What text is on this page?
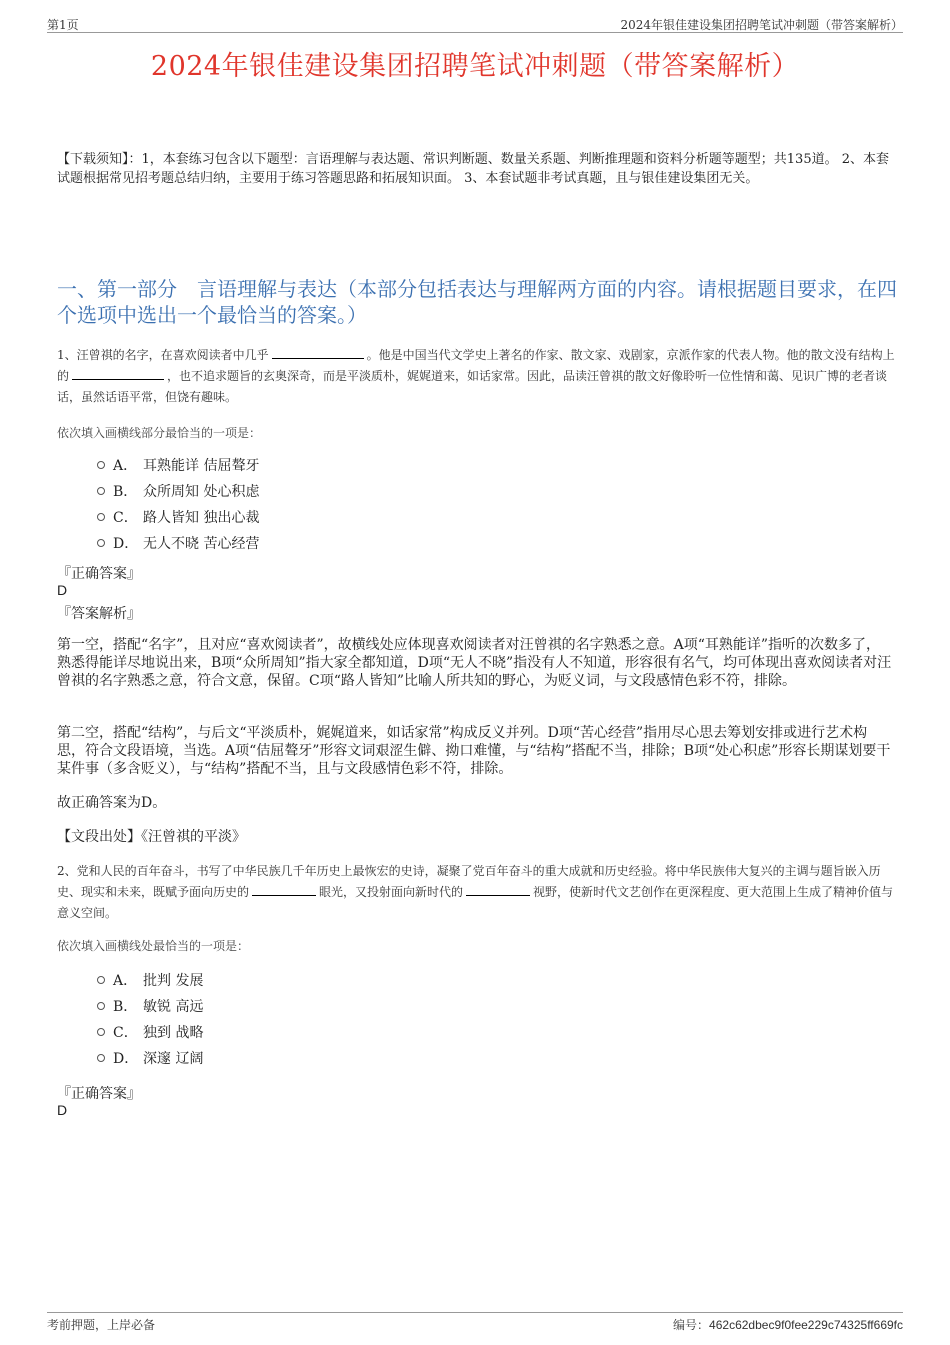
第1页	2024年银佳建设集团招聘笔试冲刺题（带答案解析）
2024年银佳建设集团招聘笔试冲刺题（带答案解析）
【下载须知】：1，本套练习包含以下题型：言语理解与表达题、常识判断题、数量关系题、判断推理题和资料分析题等题型；共135道。 2、本套试题根据常见招考题总结归纳，主要用于练习答题思路和拓展知识面。 3、本套试题非考试真题，且与银佳建设集团无关。
一、第一部分　言语理解与表达（本部分包括表达与理解两方面的内容。请根据题目要求，在四个选项中选出一个最恰当的答案。）
1、汪曾祺的名字，在喜欢阅读者中几乎	。他是中国当代文学史上著名的作家、散文家、戏剧家，京派作家的代表人物。他的散文没有结构上的	，也不追求题旨的玄奥深奇，而是平淡质朴，娓娓道来，如话家常。因此，品读汪曾祺的散文好像聆听一位性情和蔼、见识广博的老者谈话，虽然话语平常，但饶有趣味。
依次填入画横线部分最恰当的一项是：
A． 耳熟能详 佶屈聱牙
B． 众所周知 处心积虑
C． 路人皆知 独出心裁
D． 无人不晓 苦心经营
『正确答案』
D
『答案解析』
第一空，搭配“名字”，且对应“喜欢阅读者”，故横线处应体现喜欢阅读者对汪曾祺的名字熟悉之意。A项“耳熟能详”指听的次数多了，熟悉得能详尽地说出来，B项“众所周知”指大家全都知道，D项“无人不晓”指没有人不知道，形容很有名气，均可体现出喜欢阅读者对汪曾祺的名字熟悉之意，符合文意，保留。C项“路人皆知”比喻人所共知的野心，为贬义词，与文段感情色彩不符，排除。
第二空，搭配“结构”，与后文“平淡质朴，娓娓道来，如话家常”构成反义并列。D项“苦心经营”指用尽心思去筹划安排或进行艺术构思，符合文段语境，当选。A项“佶屈聱牙”形容文词艰涩生僻、拗口难懂，与“结构”搭配不当，排除；B项“处心积虑”形容长期谋划要干某件事（多含贬义），与“结构”搭配不当，且与文段感情色彩不符，排除。
故正确答案为D。
【文段出处】《汪曾祺的平淡》
2、党和人民的百年奋斗，书写了中华民族几千年历史上最恢宏的史诗，凝聚了党百年奋斗的重大成就和历史经验。将中华民族伟大复兴的主调与题旨嵌入历史、现实和未来，既赋予面向历史的	眼光，又投射面向新时代的	视野，使新时代文艺创作在更深程度、更大范围上生成了精神价值与意义空间。
依次填入画横线处最恰当的一项是：
A． 批判 发展
B． 敏锐 高远
C． 独到 战略
D． 深邃 辽阔
『正确答案』
D
考前押题，上岸必备	编号：462c62dbec9f0fee229c74325ff669fc
